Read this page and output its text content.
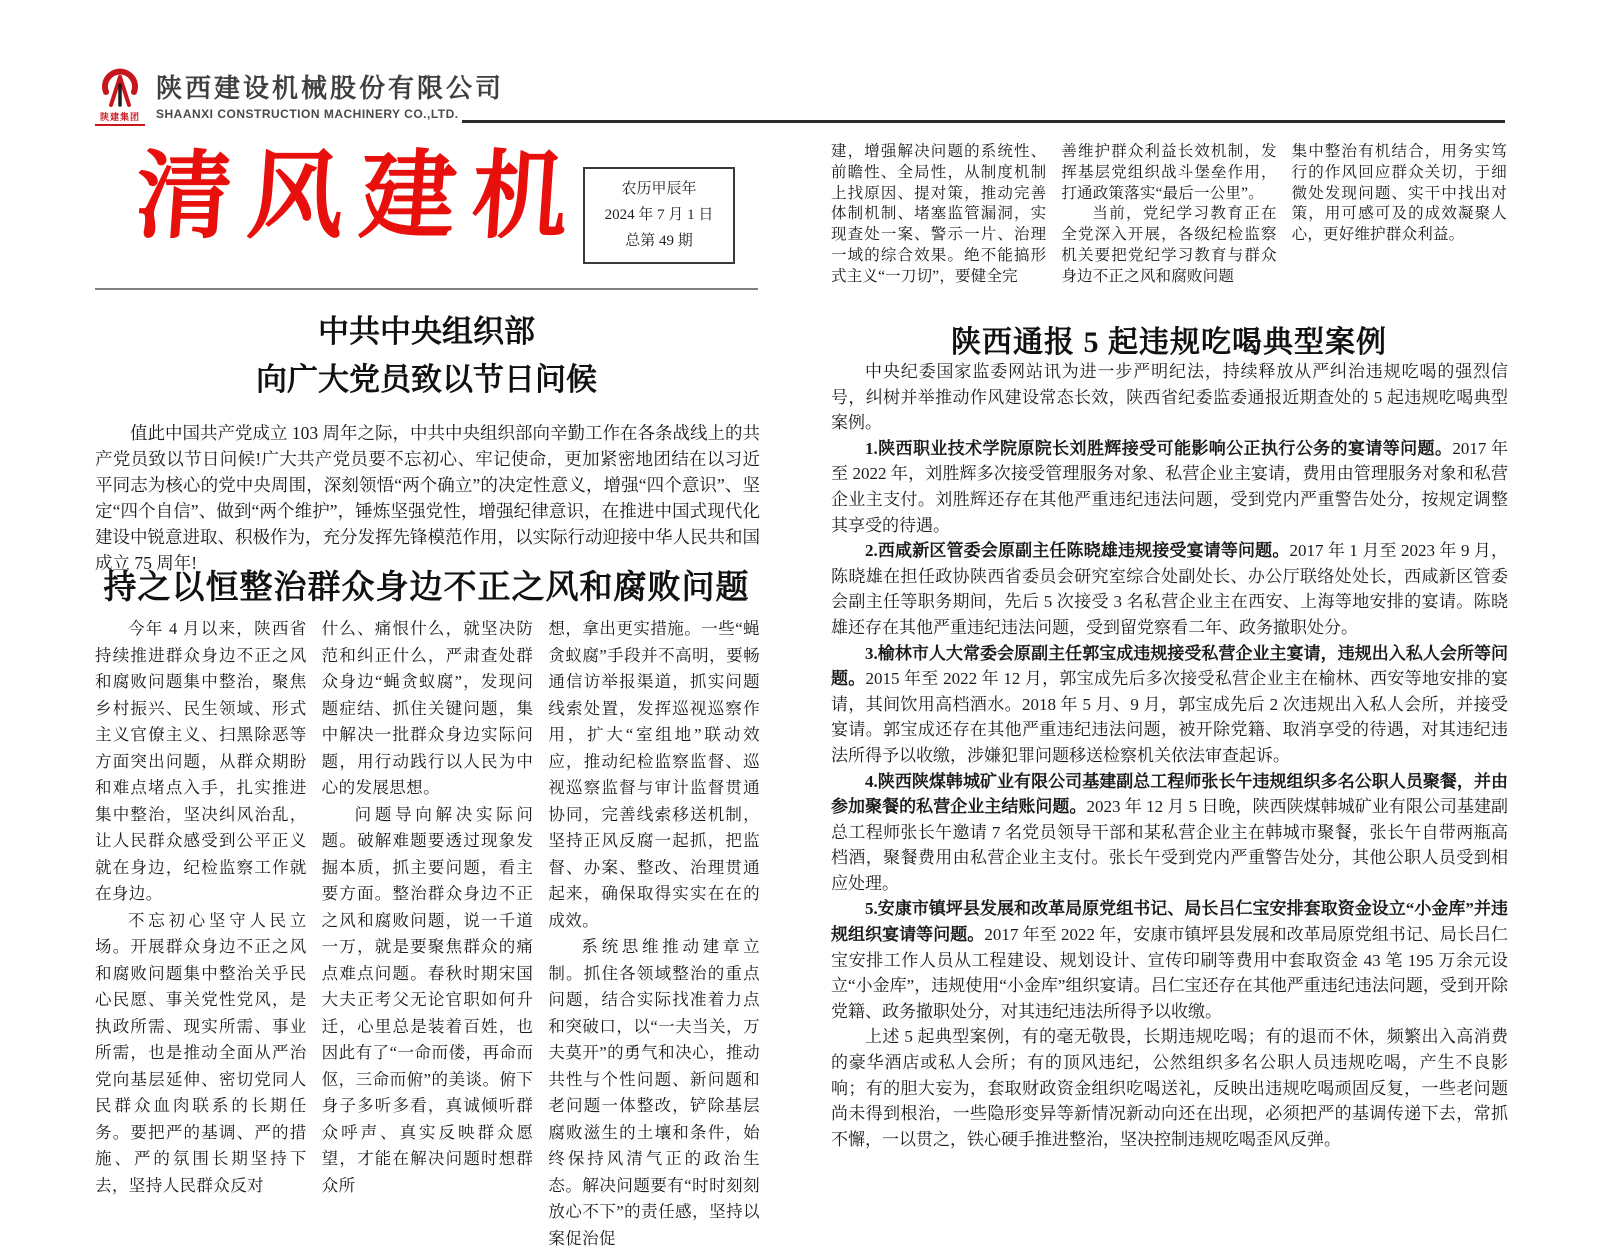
陕建集团
陕西建设机械股份有限公司
SHAANXI CONSTRUCTION MACHINERY CO.,LTD.
清风建机	农历甲辰年
2024 年 7 月 1 日
总第 49 期
中共中央组织部
向广大党员致以节日问候

值此中国共产党成立 103 周年之际，中共中央组织部向辛勤工作在各条战线上的共产党员致以节日问候!广大共产党员要不忘初心、牢记使命，更加紧密地团结在以习近平同志为核心的党中央周围，深刻领悟“两个确立”的决定性意义，增强“四个意识”、坚定“四个自信”、做到“两个维护”，锤炼坚强党性，增强纪律意识，在推进中国式现代化建设中锐意进取、积极作为，充分发挥先锋模范作用，以实际行动迎接中华人民共和国成立 75 周年!

持之以恒整治群众身边不正之风和腐败问题

今年 4 月以来，陕西省持续推进群众身边不正之风和腐败问题集中整治，聚焦乡村振兴、民生领域、形式主义官僚主义、扫黑除恶等方面突出问题，从群众期盼和难点堵点入手，扎实推进集中整治，坚决纠风治乱，让人民群众感受到公平正义就在身边，纪检监察工作就在身边。

不忘初心坚守人民立场。开展群众身边不正之风和腐败问题集中整治关乎民心民愿、事关党性党风，是执政所需、现实所需、事业所需，也是推动全面从严治党向基层延伸、密切党同人民群众血肉联系的长期任务。要把严的基调、严的措施、严的氛围长期坚持下去，坚持人民群众反对

什么、痛恨什么，就坚决防范和纠正什么，严肃查处群众身边“蝇贪蚁腐”，发现问题症结、抓住关键问题，集中解决一批群众身边实际问题，用行动践行以人民为中心的发展思想。

问题导向解决实际问题。破解难题要透过现象发掘本质，抓主要问题，看主要方面。整治群众身边不正之风和腐败问题，说一千道一万，就是要聚焦群众的痛点难点问题。春秋时期宋国大夫正考父无论官职如何升迁，心里总是装着百姓，也因此有了“一命而偻，再命而伛，三命而俯”的美谈。俯下身子多听多看，真诚倾听群众呼声、真实反映群众愿望，才能在解决问题时想群众所

想，拿出更实措施。一些“蝇贪蚁腐”手段并不高明，要畅通信访举报渠道，抓实问题线索处置，发挥巡视巡察作用，扩大“室组地”联动效应，推动纪检监察监督、巡视巡察监督与审计监督贯通协同，完善线索移送机制，坚持正风反腐一起抓，把监督、办案、整改、治理贯通起来，确保取得实实在在的成效。

系统思维推动建章立制。抓住各领域整治的重点问题，结合实际找准着力点和突破口，以“一夫当关，万夫莫开”的勇气和决心，推动共性与个性问题、新问题和老问题一体整改，铲除基层腐败滋生的土壤和条件，始终保持风清气正的政治生态。解决问题要有“时时刻刻放心不下”的责任感，坚持以案促治促

建，增强解决问题的系统性、前瞻性、全局性，从制度机制上找原因、提对策，推动完善体制机制、堵塞监管漏洞，实现查处一案、警示一片、治理一域的综合效果。绝不能搞形式主义“一刀切”，要健全完

善维护群众利益长效机制，发挥基层党组织战斗堡垒作用，打通政策落实“最后一公里”。

当前，党纪学习教育正在全党深入开展，各级纪检监察机关要把党纪学习教育与群众身边不正之风和腐败问题

集中整治有机结合，用务实笃行的作风回应群众关切，于细微处发现问题、实干中找出对策，用可感可及的成效凝聚人心，更好维护群众利益。

陕西通报 5 起违规吃喝典型案例

中央纪委国家监委网站讯为进一步严明纪法，持续释放从严纠治违规吃喝的强烈信号，纠树并举推动作风建设常态长效，陕西省纪委监委通报近期查处的 5 起违规吃喝典型案例。

1.陕西职业技术学院原院长刘胜辉接受可能影响公正执行公务的宴请等问题。2017 年至 2022 年，刘胜辉多次接受管理服务对象、私营企业主宴请，费用由管理服务对象和私营企业主支付。刘胜辉还存在其他严重违纪违法问题，受到党内严重警告处分，按规定调整其享受的待遇。

2.西咸新区管委会原副主任陈晓雄违规接受宴请等问题。2017 年 1 月至 2023 年 9 月，陈晓雄在担任政协陕西省委员会研究室综合处副处长、办公厅联络处处长，西咸新区管委会副主任等职务期间，先后 5 次接受 3 名私营企业主在西安、上海等地安排的宴请。陈晓雄还存在其他严重违纪违法问题，受到留党察看二年、政务撤职处分。

3.榆林市人大常委会原副主任郭宝成违规接受私营企业主宴请，违规出入私人会所等问题。2015 年至 2022 年 12 月，郭宝成先后多次接受私营企业主在榆林、西安等地安排的宴请，其间饮用高档酒水。2018 年 5 月、9 月，郭宝成先后 2 次违规出入私人会所，并接受宴请。郭宝成还存在其他严重违纪违法问题，被开除党籍、取消享受的待遇，对其违纪违法所得予以收缴，涉嫌犯罪问题移送检察机关依法审查起诉。

4.陕西陕煤韩城矿业有限公司基建副总工程师张长午违规组织多名公职人员聚餐，并由参加聚餐的私营企业主结账问题。2023 年 12 月 5 日晚，陕西陕煤韩城矿业有限公司基建副总工程师张长午邀请 7 名党员领导干部和某私营企业主在韩城市聚餐，张长午自带两瓶高档酒，聚餐费用由私营企业主支付。张长午受到党内严重警告处分，其他公职人员受到相应处理。

5.安康市镇坪县发展和改革局原党组书记、局长吕仁宝安排套取资金设立“小金库”并违规组织宴请等问题。2017 年至 2022 年，安康市镇坪县发展和改革局原党组书记、局长吕仁宝安排工作人员从工程建设、规划设计、宣传印刷等费用中套取资金 43 笔 195 万余元设立“小金库”，违规使用“小金库”组织宴请。吕仁宝还存在其他严重违纪违法问题，受到开除党籍、政务撤职处分，对其违纪违法所得予以收缴。

上述 5 起典型案例，有的毫无敬畏，长期违规吃喝；有的退而不休，频繁出入高消费的豪华酒店或私人会所；有的顶风违纪，公然组织多名公职人员违规吃喝，产生不良影响；有的胆大妄为，套取财政资金组织吃喝送礼，反映出违规吃喝顽固反复，一些老问题尚未得到根治，一些隐形变异等新情况新动向还在出现，必须把严的基调传递下去，常抓不懈，一以贯之，铁心硬手推进整治，坚决控制违规吃喝歪风反弹。
